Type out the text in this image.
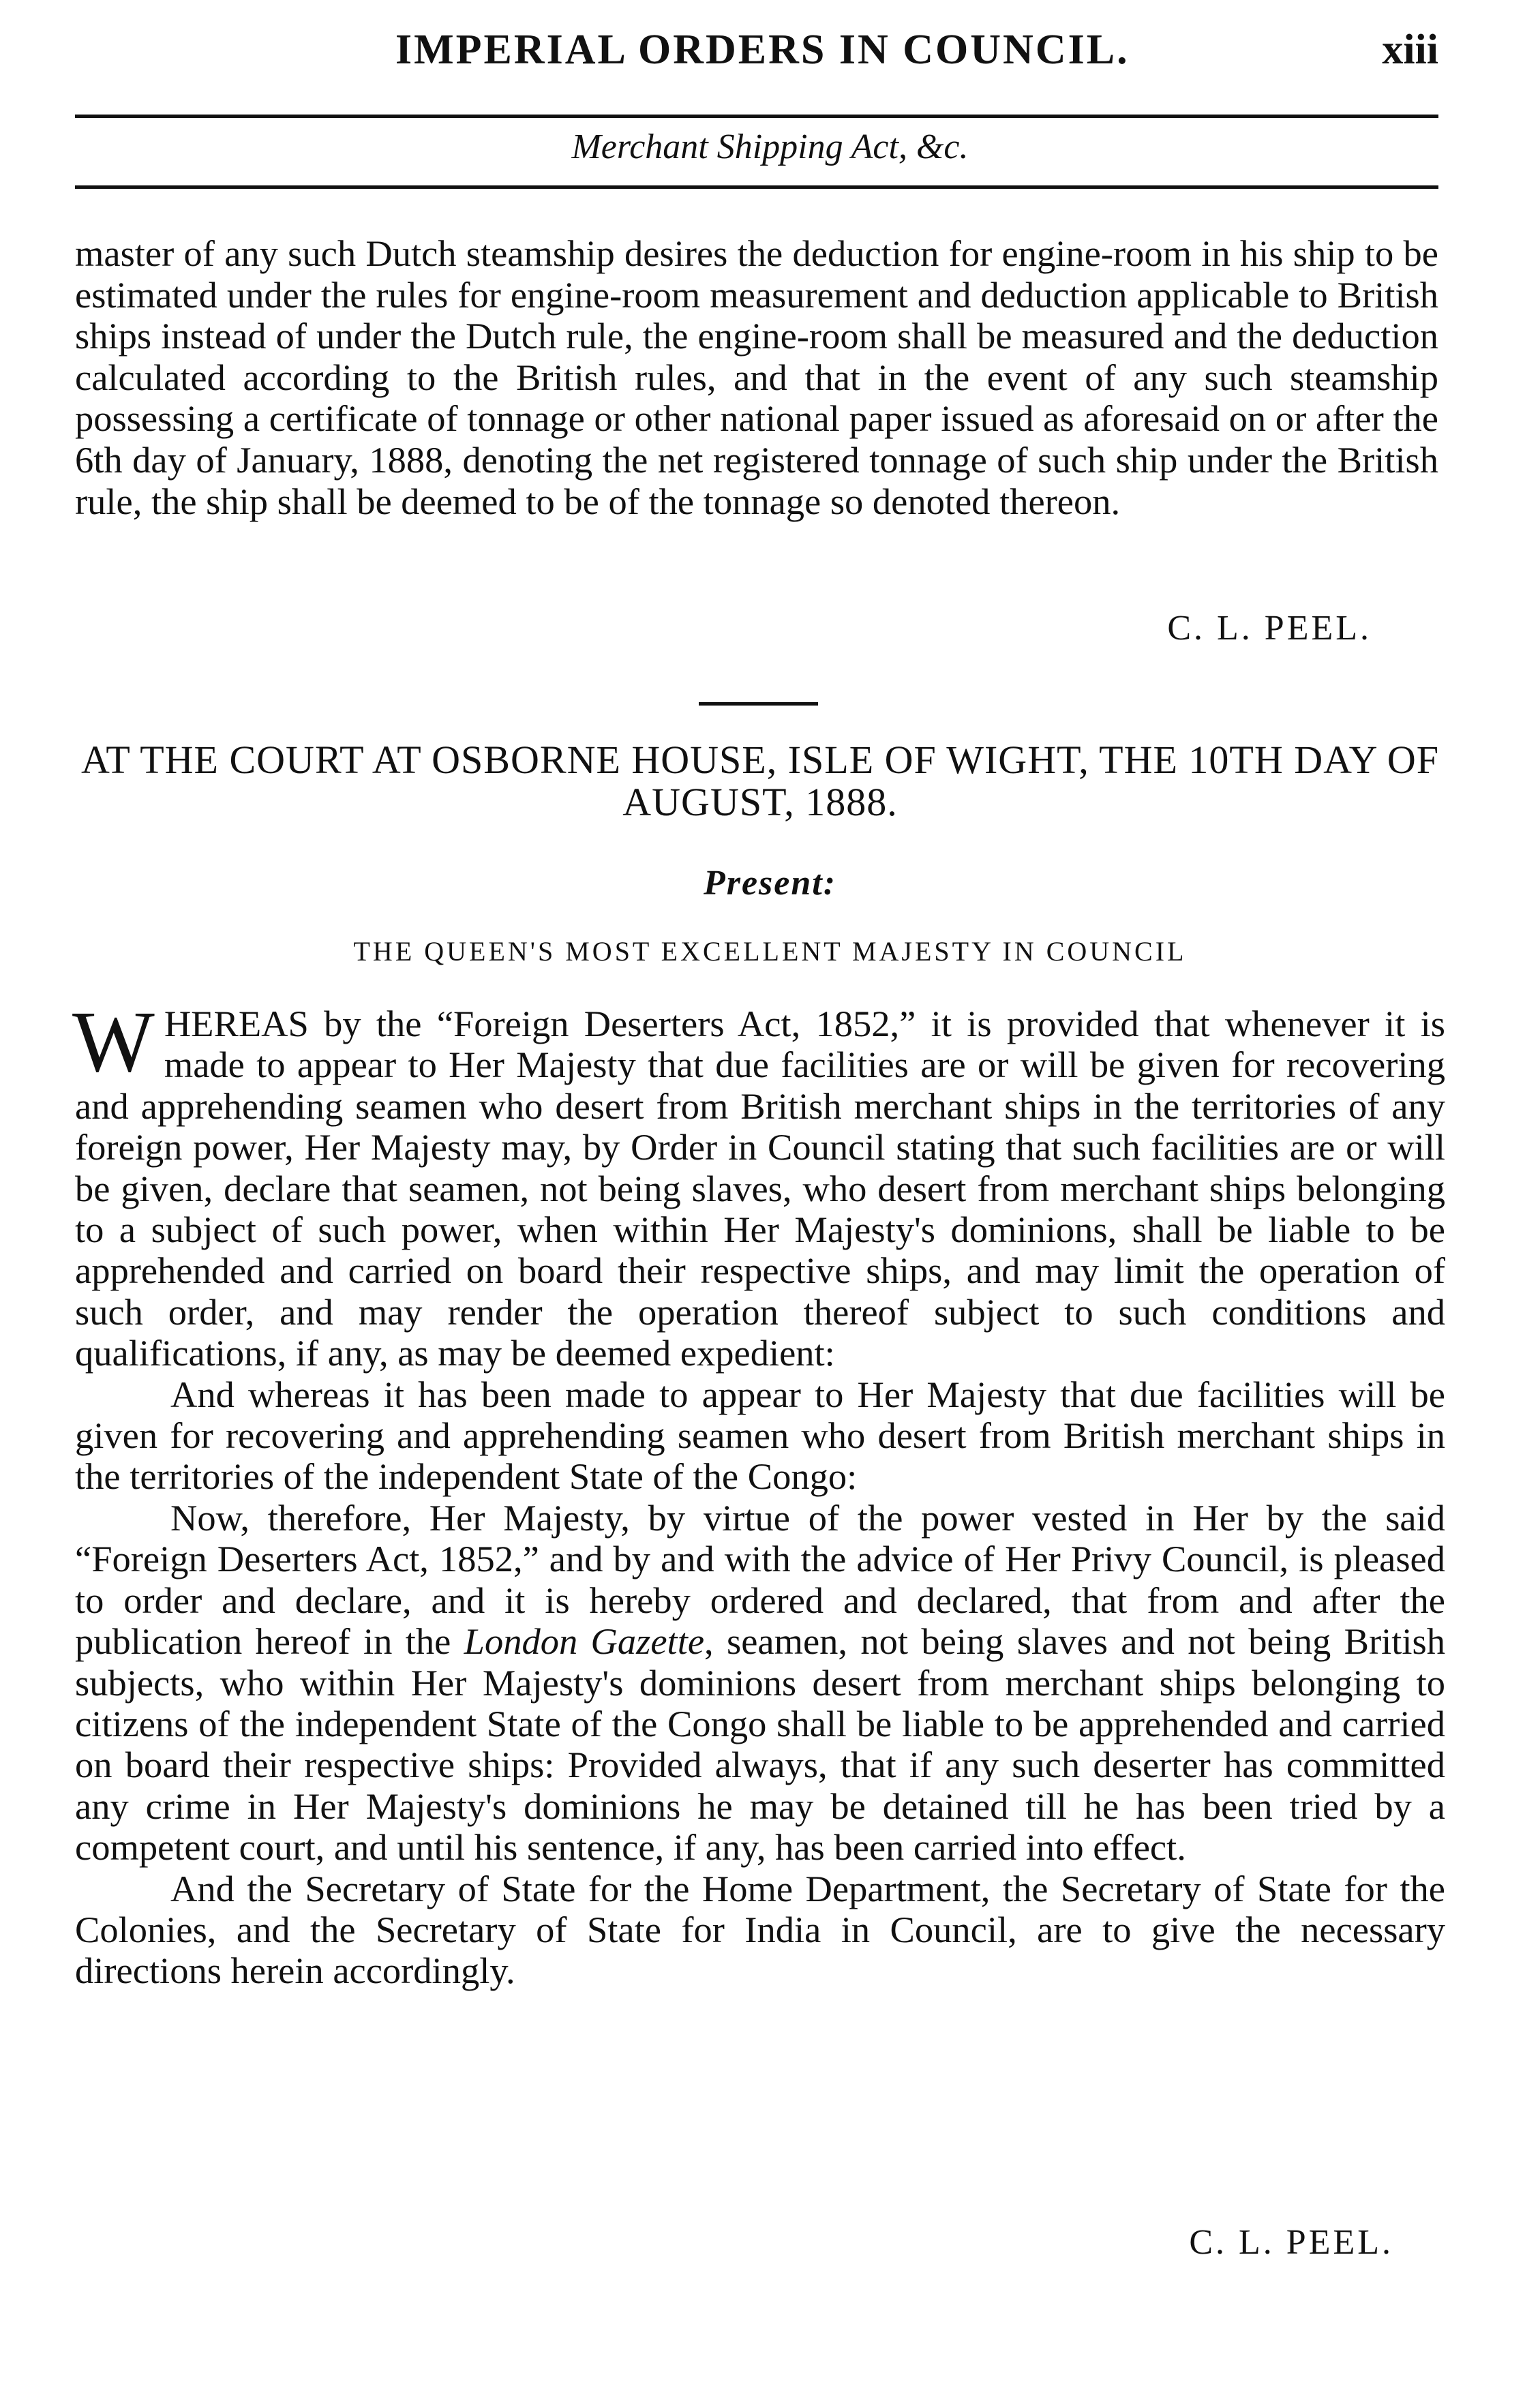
IMPERIAL ORDERS IN COUNCIL.	xiii
Merchant Shipping Act, &c.

master of any such Dutch steamship desires the deduction for engine-room in his ship to be estimated under the rules for engine-room measurement and deduction applicable to British ships instead of under the Dutch rule, the engine-room shall be measured and the deduction calculated according to the British rules, and that in the event of any such steamship possessing a certificate of tonnage or other national paper issued as aforesaid on or after the 6th day of January, 1888, denoting the net registered tonnage of such ship under the British rule, the ship shall be deemed to be of the tonnage so denoted thereon.

C. L. PEEL.

AT THE COURT AT OSBORNE HOUSE, ISLE OF WIGHT, THE 10TH DAY OF AUGUST, 1888.

Present:
THE QUEEN'S MOST EXCELLENT MAJESTY IN COUNCIL

WHEREAS by the “Foreign Deserters Act, 1852,” it is provided that whenever it is made to appear to Her Majesty that due facilities are or will be given for recovering and apprehending seamen who desert from British merchant ships in the territories of any foreign power, Her Majesty may, by Order in Council stating that such facilities are or will be given, declare that seamen, not being slaves, who desert from merchant ships belonging to a subject of such power, when within Her Majesty's dominions, shall be liable to be apprehended and carried on board their respective ships, and may limit the operation of such order, and may render the operation thereof subject to such conditions and qualifications, if any, as may be deemed expedient:

And whereas it has been made to appear to Her Majesty that due facilities will be given for recovering and apprehending seamen who desert from British merchant ships in the territories of the independent State of the Congo:

Now, therefore, Her Majesty, by virtue of the power vested in Her by the said “Foreign Deserters Act, 1852,” and by and with the advice of Her Privy Council, is pleased to order and declare, and it is hereby ordered and declared, that from and after the publication hereof in the London Gazette, seamen, not being slaves and not being British subjects, who within Her Majesty's dominions desert from merchant ships belonging to citizens of the independent State of the Congo shall be liable to be apprehended and carried on board their respective ships: Provided always, that if any such deserter has committed any crime in Her Majesty's dominions he may be detained till he has been tried by a competent court, and until his sentence, if any, has been carried into effect.

And the Secretary of State for the Home Department, the Secretary of State for the Colonies, and the Secretary of State for India in Council, are to give the necessary directions herein accordingly.

C. L. PEEL.
